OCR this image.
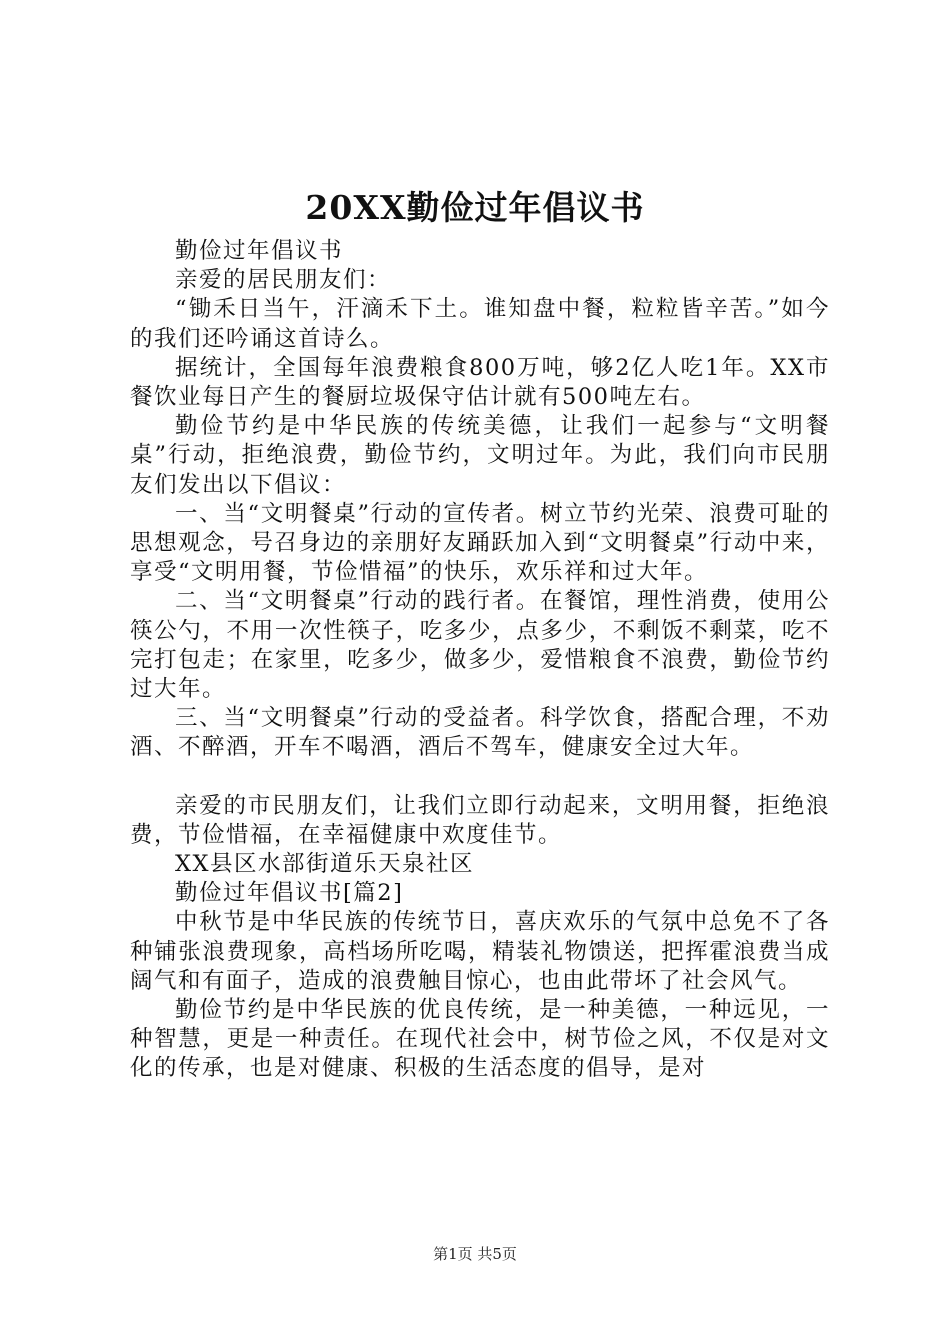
20XX勤俭过年倡议书

勤俭过年倡议书

亲爱的居民朋友们：

“锄禾日当午，汗滴禾下土。谁知盘中餐，粒粒皆辛苦。”如今的我们还吟诵这首诗么。

据统计，全国每年浪费粮食800万吨，够2亿人吃1年。XX市餐饮业每日产生的餐厨垃圾保守估计就有500吨左右。

勤俭节约是中华民族的传统美德，让我们一起参与“文明餐桌”行动，拒绝浪费，勤俭节约，文明过年。为此，我们向市民朋友们发出以下倡议：

一、当“文明餐桌”行动的宣传者。树立节约光荣、浪费可耻的思想观念，号召身边的亲朋好友踊跃加入到“文明餐桌”行动中来，享受“文明用餐，节俭惜福”的快乐，欢乐祥和过大年。

二、当“文明餐桌”行动的践行者。在餐馆，理性消费，使用公筷公勺，不用一次性筷子，吃多少，点多少，不剩饭不剩菜，吃不完打包走；在家里，吃多少，做多少，爱惜粮食不浪费，勤俭节约过大年。

三、当“文明餐桌”行动的受益者。科学饮食，搭配合理，不劝酒、不醉酒，开车不喝酒，酒后不驾车，健康安全过大年。

亲爱的市民朋友们，让我们立即行动起来，文明用餐，拒绝浪费，节俭惜福，在幸福健康中欢度佳节。

XX县区水部街道乐天泉社区

勤俭过年倡议书[篇2]

中秋节是中华民族的传统节日，喜庆欢乐的气氛中总免不了各种铺张浪费现象，高档场所吃喝，精装礼物馈送，把挥霍浪费当成阔气和有面子，造成的浪费触目惊心，也由此带坏了社会风气。

勤俭节约是中华民族的优良传统，是一种美德，一种远见，一种智慧，更是一种责任。在现代社会中，树节俭之风，不仅是对文化的传承，也是对健康、积极的生活态度的倡导，是对

第1页 共5页
